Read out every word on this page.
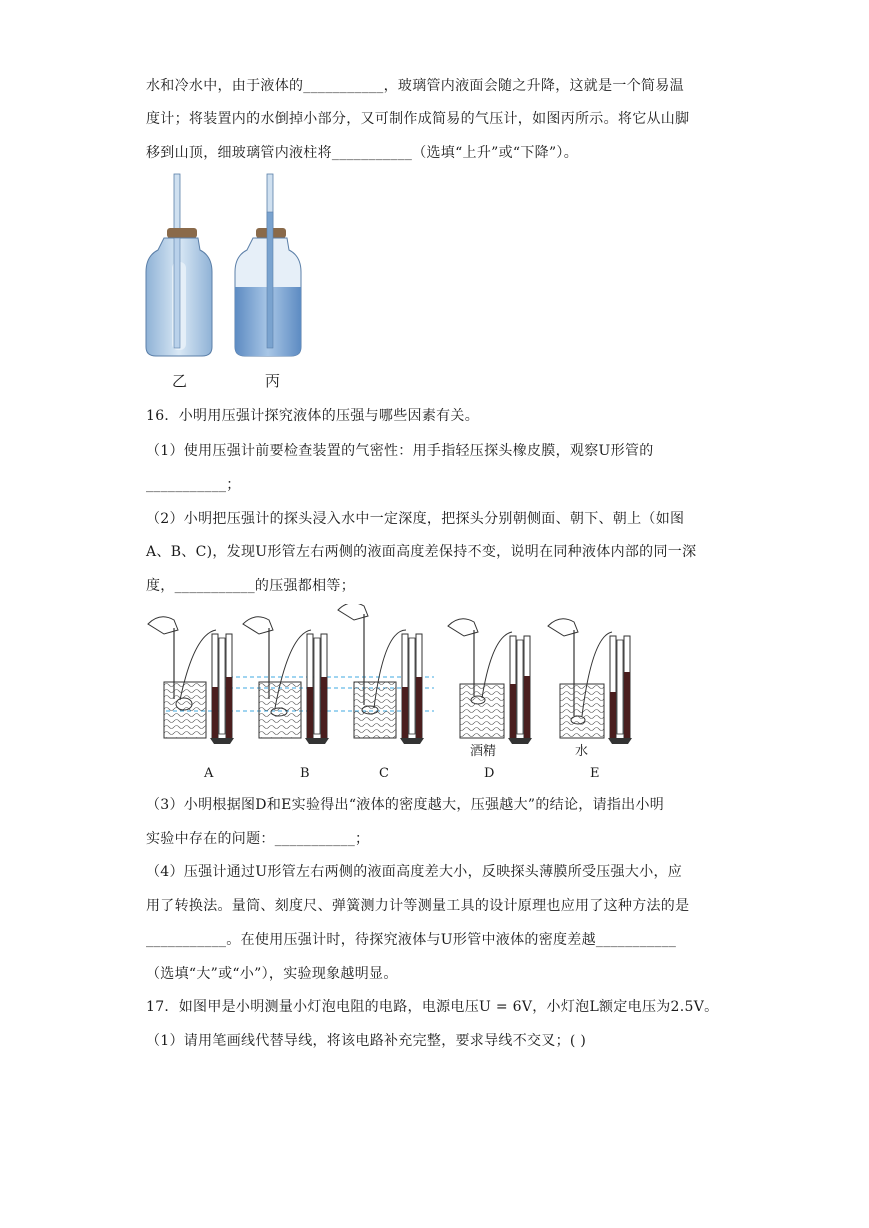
水和冷水中，由于液体的___________，玻璃管内液面会随之升降，这就是一个简易温
度计；将装置内的水倒掉小部分，又可制作成简易的气压计，如图丙所示。将它从山脚
移到山顶，细玻璃管内液柱将___________（选填“上升”或“下降”）。
乙	丙
16．小明用压强计探究液体的压强与哪些因素有关。
（1）使用压强计前要检查装置的气密性：用手指轻压探头橡皮膜，观察U形管的
___________；
（2）小明把压强计的探头浸入水中一定深度，把探头分别朝侧面、朝下、朝上（如图
A、B、C)，发现U形管左右两侧的液面高度差保持不变，说明在同种液体内部的同一深
度，___________的压强都相等；
酒精	水
A	B	C	D	E
（3）小明根据图D和E实验得出“液体的密度越大，压强越大”的结论，请指出小明
实验中存在的问题：___________；
（4）压强计通过U形管左右两侧的液面高度差大小，反映探头薄膜所受压强大小，应
用了转换法。量筒、刻度尺、弹簧测力计等测量工具的设计原理也应用了这种方法的是
___________。在使用压强计时，待探究液体与U形管中液体的密度差越___________
（选填“大”或“小”），实验现象越明显。
17．如图甲是小明测量小灯泡电阻的电路，电源电压U = 6V，小灯泡L额定电压为2.5V。
（1）请用笔画线代替导线，将该电路补充完整，要求导线不交叉；( )
